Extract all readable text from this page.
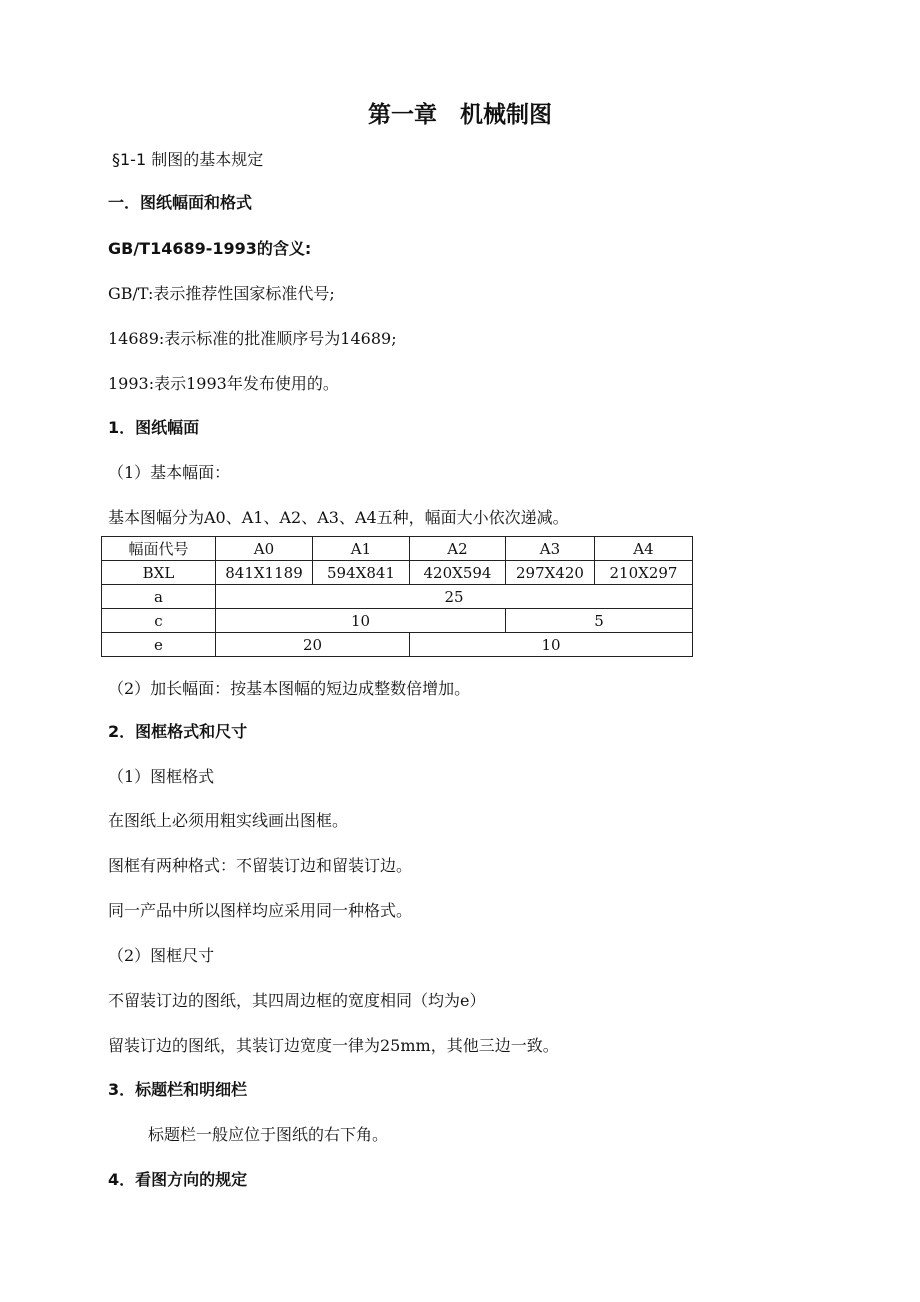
第一章　机械制图
§1-1 制图的基本规定
一．图纸幅面和格式
GB/T14689-1993的含义:
GB/T:表示推荐性国家标准代号;
14689:表示标准的批准顺序号为14689;
1993:表示1993年发布使用的。
1．图纸幅面
（1）基本幅面：
基本图幅分为A0、A1、A2、A3、A4五种，幅面大小依次递减。
幅面代号	A0	A1	A2	A3	A4
BXL	841X1189	594X841	420X594	297X420	210X297
a	25				
c	10			5	
e	20		10		
（2）加长幅面：按基本图幅的短边成整数倍增加。
2．图框格式和尺寸
（1）图框格式
在图纸上必须用粗实线画出图框。
图框有两种格式：不留装订边和留装订边。
同一产品中所以图样均应采用同一种格式。
（2）图框尺寸
不留装订边的图纸，其四周边框的宽度相同（均为e）
留装订边的图纸，其装订边宽度一律为25mm，其他三边一致。
3．标题栏和明细栏
标题栏一般应位于图纸的右下角。
4．看图方向的规定
